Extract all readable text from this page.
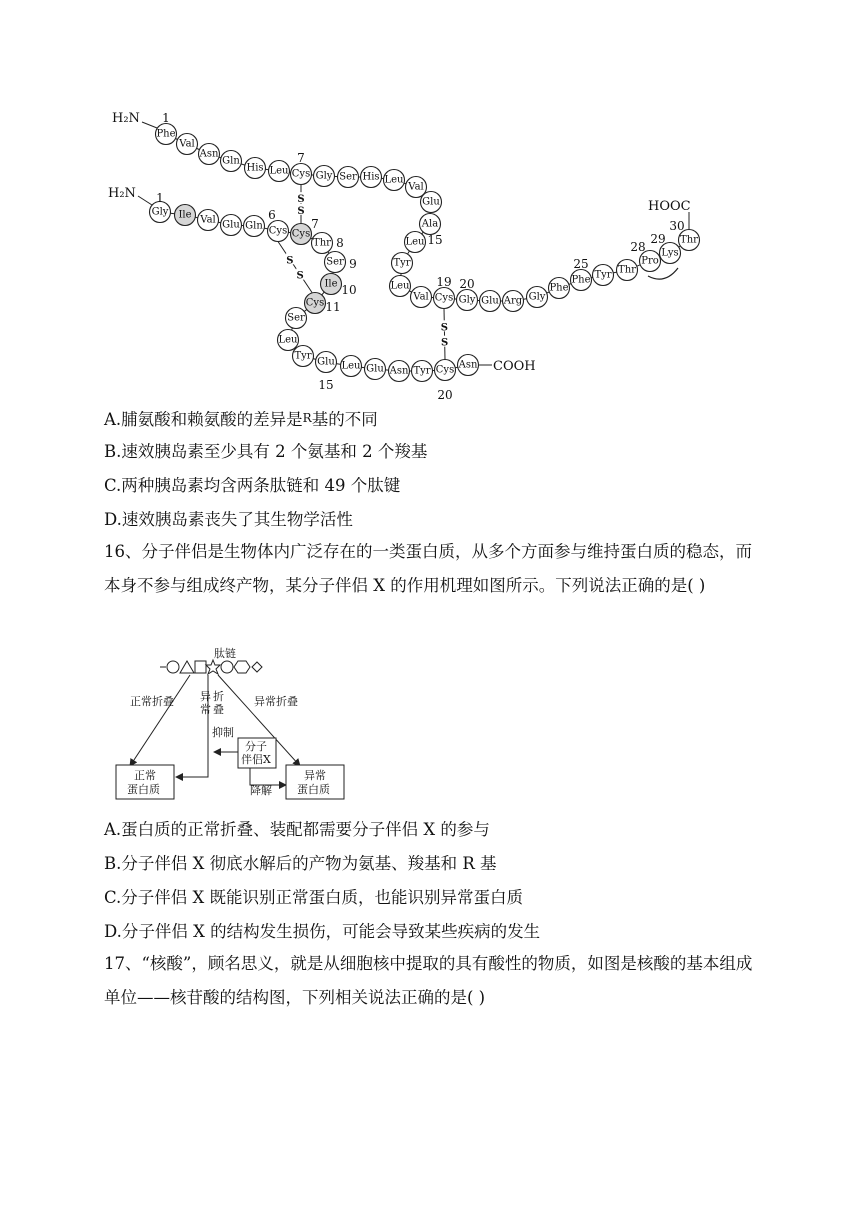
H₂N
H₂N
COOH
HOOC
Phe
Val
Asn
Gln
His Leu Cys Gly Ser His Leu
Val
Glu
Ala
Leu
Tyr
Leu
Val Cys Gly Glu Arg Gly
Phe
Phe Tyr Thr
Pro
Lys
Thr
Gly Ile Val Glu Gln Cys Cys
Thr
Ser
Ile
Cys
Ser
Leu
Tyr
Glu Leu Glu Asn Tyr Cys Asn
1
7
15
19 20
25
28
29
30
1
6
7
8
9
10
11
15
20
S
S
S
S
S
S
A.脯氨酸和赖氨酸的差异是R基的不同
B.速效胰岛素至少具有 2 个氨基和 2 个羧基
C.两种胰岛素均含两条肽链和 49 个肽键
D.速效胰岛素丧失了其生物学活性
16、分子伴侣是生物体内广泛存在的一类蛋白质，从多个方面参与维持蛋白质的稳态，而本身不参与组成终产物，某分子伴侣 X 的作用机理如图所示。下列说法正确的是( )
肽链
正常折叠 异
常
折
叠
异常折叠
抑制
降解
分子
伴侣X
正常
蛋白质
异常
蛋白质
A.蛋白质的正常折叠、装配都需要分子伴侣 X 的参与
B.分子伴侣 X 彻底水解后的产物为氨基、羧基和 R 基
C.分子伴侣 X 既能识别正常蛋白质，也能识别异常蛋白质
D.分子伴侣 X 的结构发生损伤，可能会导致某些疾病的发生
17、“核酸”，顾名思义，就是从细胞核中提取的具有酸性的物质，如图是核酸的基本组成单位——核苷酸的结构图，下列相关说法正确的是( )
